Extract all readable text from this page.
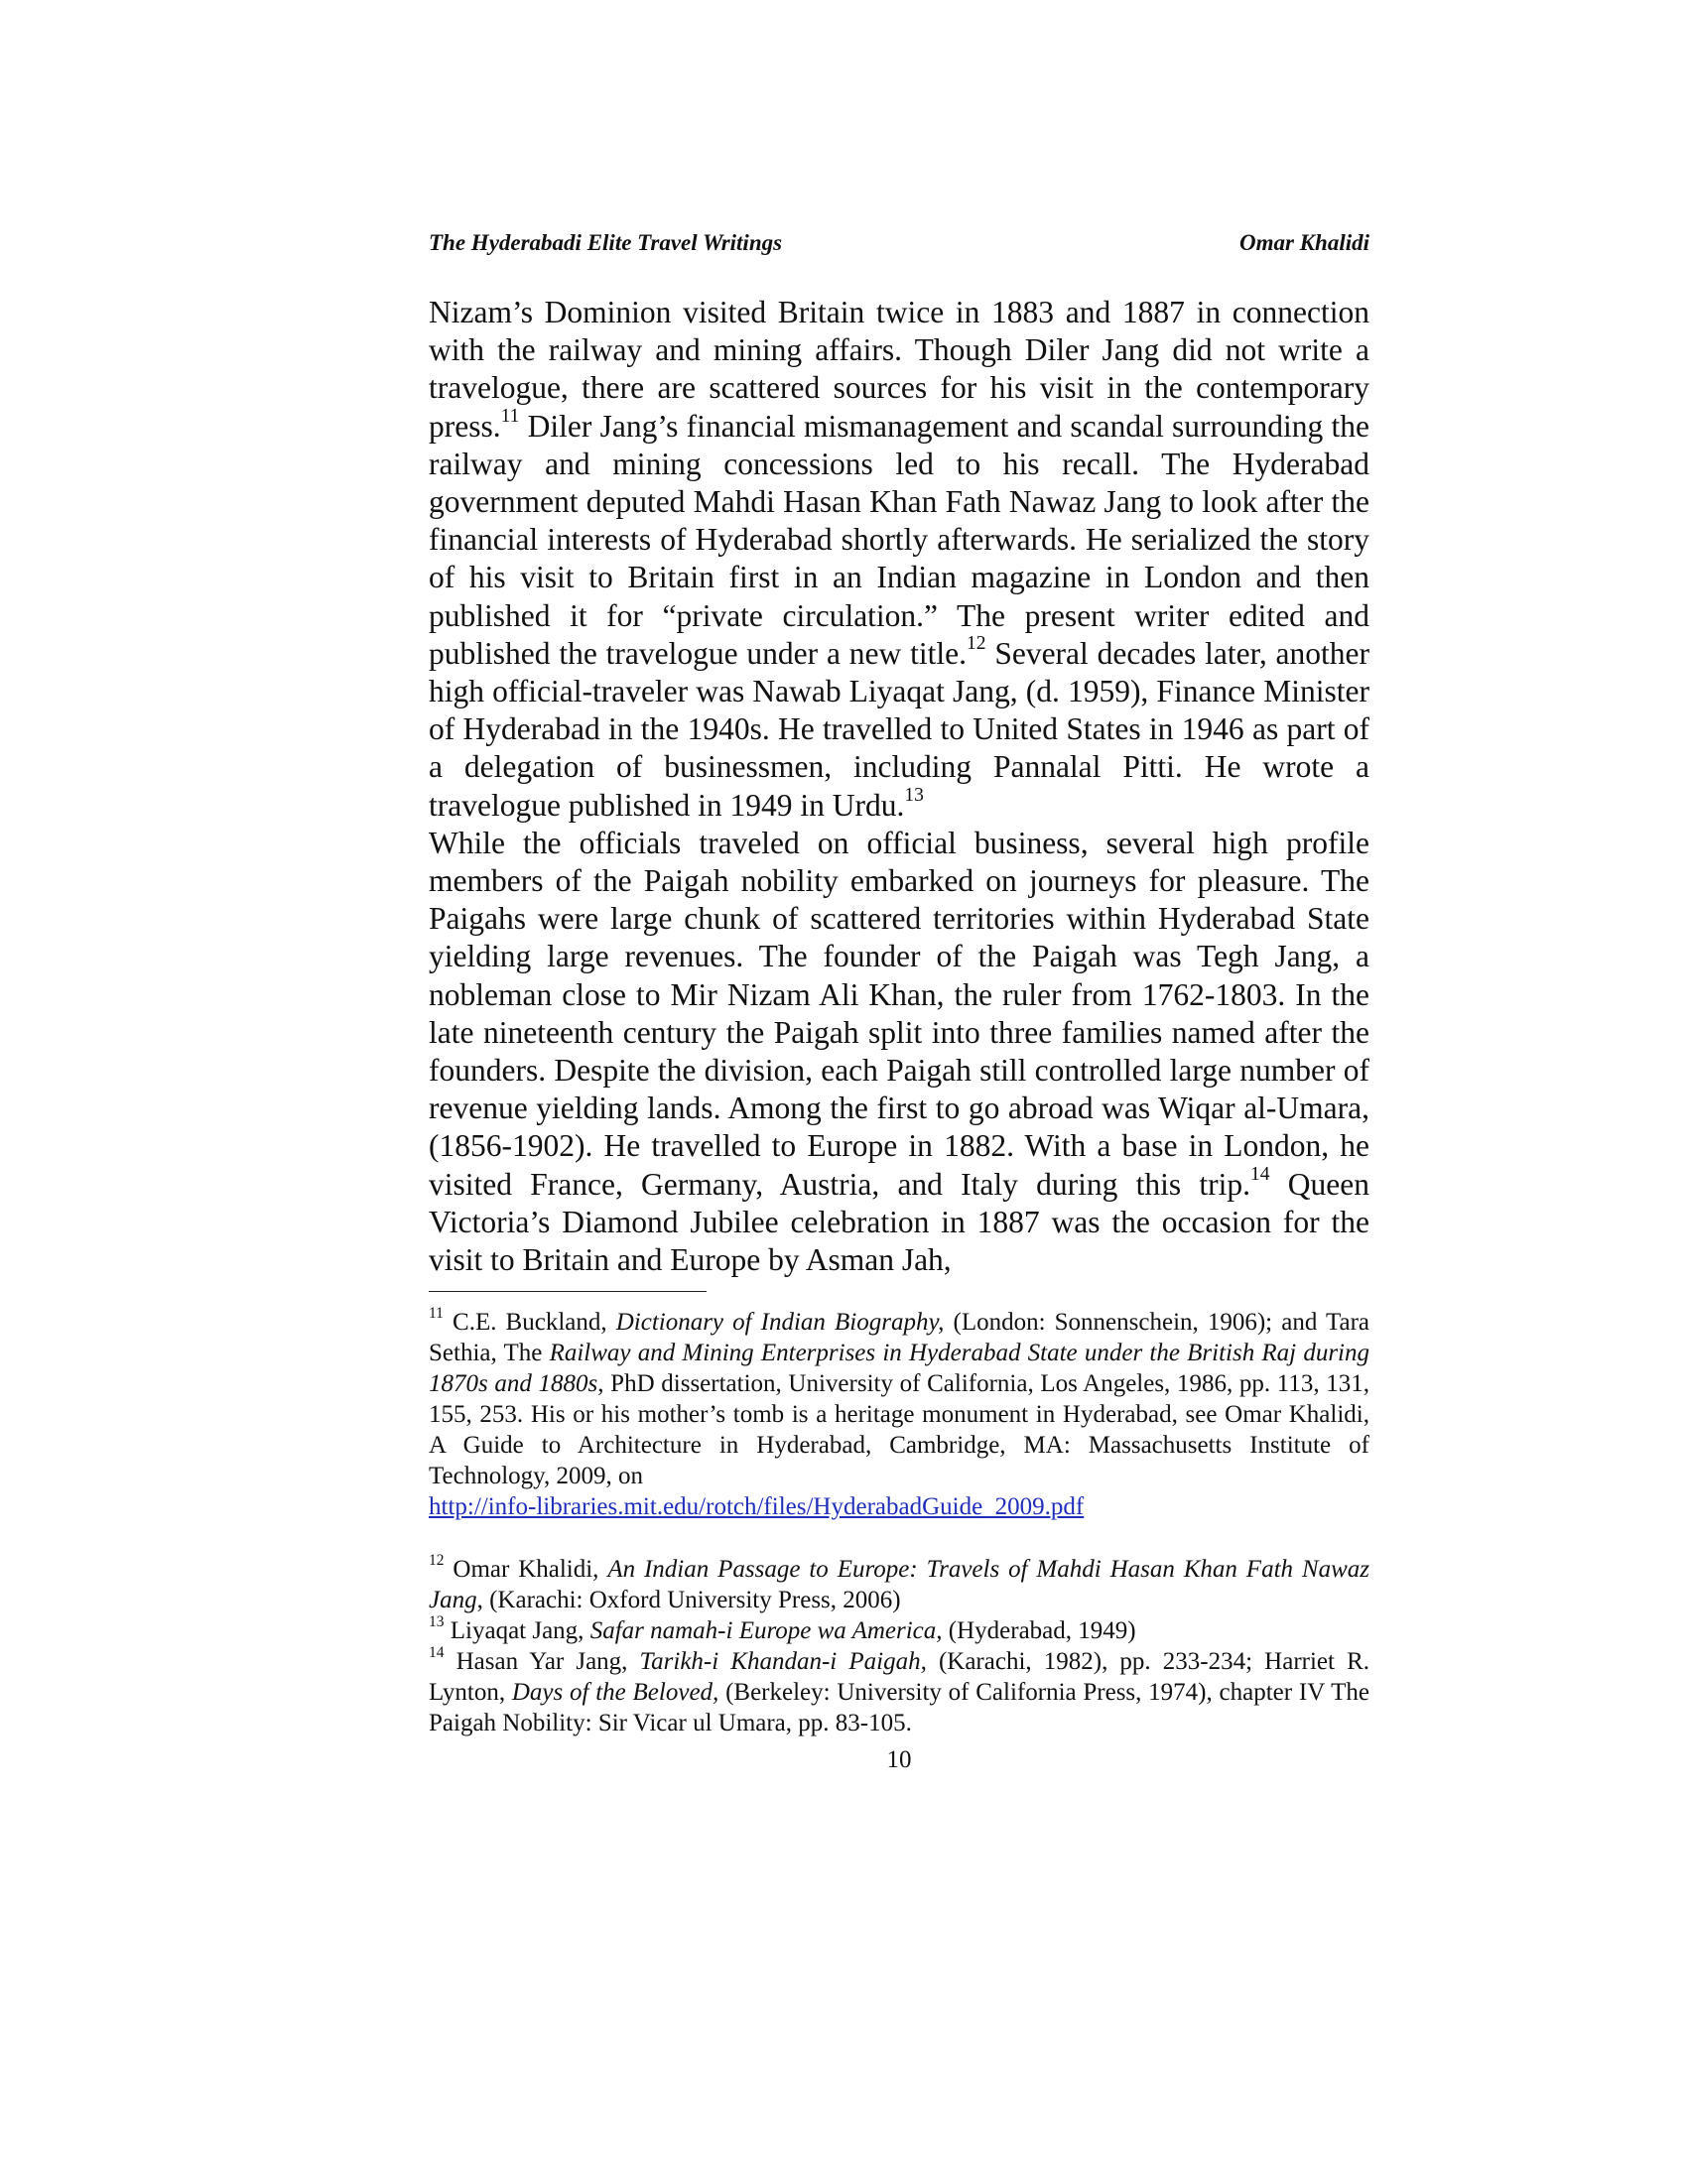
The Hyderabadi Elite Travel Writings	Omar Khalidi

Nizam’s Dominion visited Britain twice in 1883 and 1887 in connection with the railway and mining affairs. Though Diler Jang did not write a travelogue, there are scattered sources for his visit in the contemporary press.$^{11}$ Diler Jang’s financial mismanagement and scandal surrounding the railway and mining concessions led to his recall. The Hyderabad government deputed Mahdi Hasan Khan Fath Nawaz Jang to look after the financial interests of Hyderabad shortly afterwards. He serialized the story of his visit to Britain first in an Indian magazine in London and then published it for “private circulation.” The present writer edited and published the travelogue under a new title.$^{12}$ Several decades later, another high official-traveler was Nawab Liyaqat Jang, (d. 1959), Finance Minister of Hyderabad in the 1940s. He travelled to United States in 1946 as part of a delegation of businessmen, including Pannalal Pitti. He wrote a travelogue published in 1949 in Urdu.$^{13}$

While the officials traveled on official business, several high profile members of the Paigah nobility embarked on journeys for pleasure. The Paigahs were large chunk of scattered territories within Hyderabad State yielding large revenues. The founder of the Paigah was Tegh Jang, a nobleman close to Mir Nizam Ali Khan, the ruler from 1762-1803. In the late nineteenth century the Paigah split into three families named after the founders. Despite the division, each Paigah still controlled large number of revenue yielding lands. Among the first to go abroad was Wiqar al-Umara, (1856-1902). He travelled to Europe in 1882. With a base in London, he visited France, Germany, Austria, and Italy during this trip.$^{14}$ Queen Victoria’s Diamond Jubilee celebration in 1887 was the occasion for the visit to Britain and Europe by Asman Jah,

$^{11}$ C.E. Buckland, Dictionary of Indian Biography, (London: Sonnenschein, 1906); and Tara Sethia, The Railway and Mining Enterprises in Hyderabad State under the British Raj during 1870s and 1880s, PhD dissertation, University of California, Los Angeles, 1986, pp. 113, 131, 155, 253. His or his mother’s tomb is a heritage monument in Hyderabad, see Omar Khalidi, A Guide to Architecture in Hyderabad, Cambridge, MA: Massachusetts Institute of Technology, 2009, on
http://info-libraries.mit.edu/rotch/files/HyderabadGuide_2009.pdf

$^{12}$ Omar Khalidi, An Indian Passage to Europe: Travels of Mahdi Hasan Khan Fath Nawaz Jang, (Karachi: Oxford University Press, 2006)

$^{13}$ Liyaqat Jang, Safar namah-i Europe wa America, (Hyderabad, 1949)

$^{14}$ Hasan Yar Jang, Tarikh-i Khandan-i Paigah, (Karachi, 1982), pp. 233-234; Harriet R. Lynton, Days of the Beloved, (Berkeley: University of California Press, 1974), chapter IV The Paigah Nobility: Sir Vicar ul Umara, pp. 83-105.

10
